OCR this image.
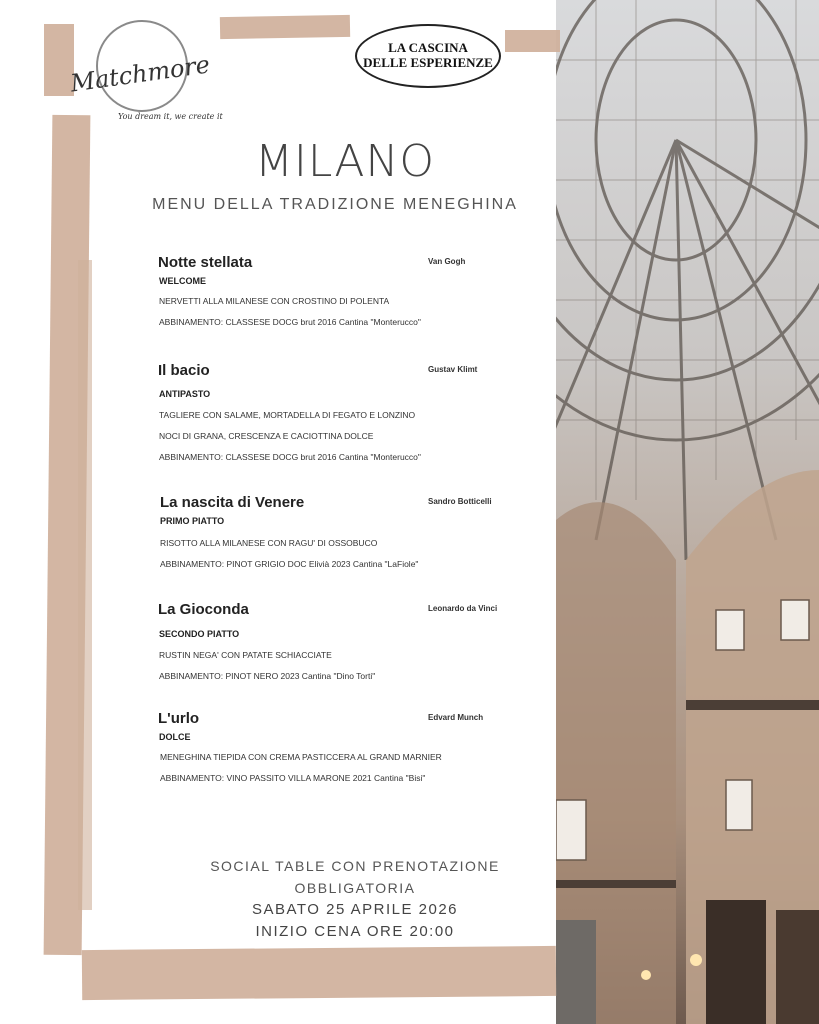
Matchmore
You dream it, we create it
LA CASCINA
DELLE ESPERIENZE
MILANO
MENU DELLA TRADIZIONE MENEGHINA
Notte stellata	Van Gogh
WELCOME
NERVETTI ALLA MILANESE CON CROSTINO DI POLENTA
ABBINAMENTO: CLASSESE DOCG brut 2016 Cantina "Monterucco"
Il bacio	Gustav Klimt
ANTIPASTO
TAGLIERE CON SALAME, MORTADELLA DI FEGATO E LONZINO
NOCI DI GRANA, CRESCENZA E CACIOTTINA DOLCE
ABBINAMENTO: CLASSESE DOCG brut 2016 Cantina "Monterucco"
La nascita di Venere	Sandro Botticelli
PRIMO PIATTO
RISOTTO ALLA MILANESE CON RAGU' DI OSSOBUCO
ABBINAMENTO: PINOT GRIGIO DOC Elivià 2023 Cantina "LaFiole"
La Gioconda	Leonardo da Vinci
SECONDO PIATTO
RUSTIN NEGA' CON PATATE SCHIACCIATE
ABBINAMENTO: PINOT NERO 2023 Cantina "Dino Torti"
L'urlo	Edvard Munch
DOLCE
MENEGHINA TIEPIDA CON CREMA PASTICCERA AL GRAND MARNIER
ABBINAMENTO: VINO PASSITO VILLA MARONE 2021 Cantina "Bisi"
SOCIAL TABLE CON PRENOTAZIONE
OBBLIGATORIA
SABATO 25 APRILE 2026
INIZIO CENA ORE 20:00
